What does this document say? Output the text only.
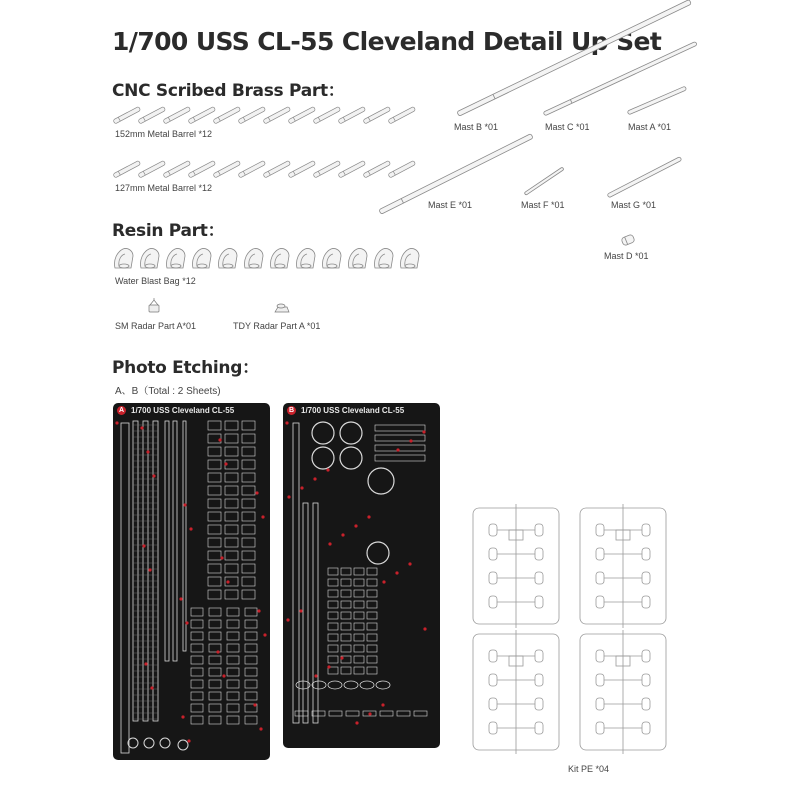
1/700 USS CL-55 Cleveland Detail Up Set
CNC Scribed Brass Part：
Resin Part：
Photo Etching：
152mm Metal Barrel *12
127mm Metal Barrel *12
Mast B *01	Mast C *01	Mast A *01
Mast E *01	Mast F *01	Mast G *01
Mast D *01
Water Blast Bag *12
SM Radar Part A*01	TDY Radar Part A *01
A、B（Total : 2 Sheets)
A 1/700 USS Cleveland CL-55	B 1/700 USS Cleveland CL-55
Kit PE *04
